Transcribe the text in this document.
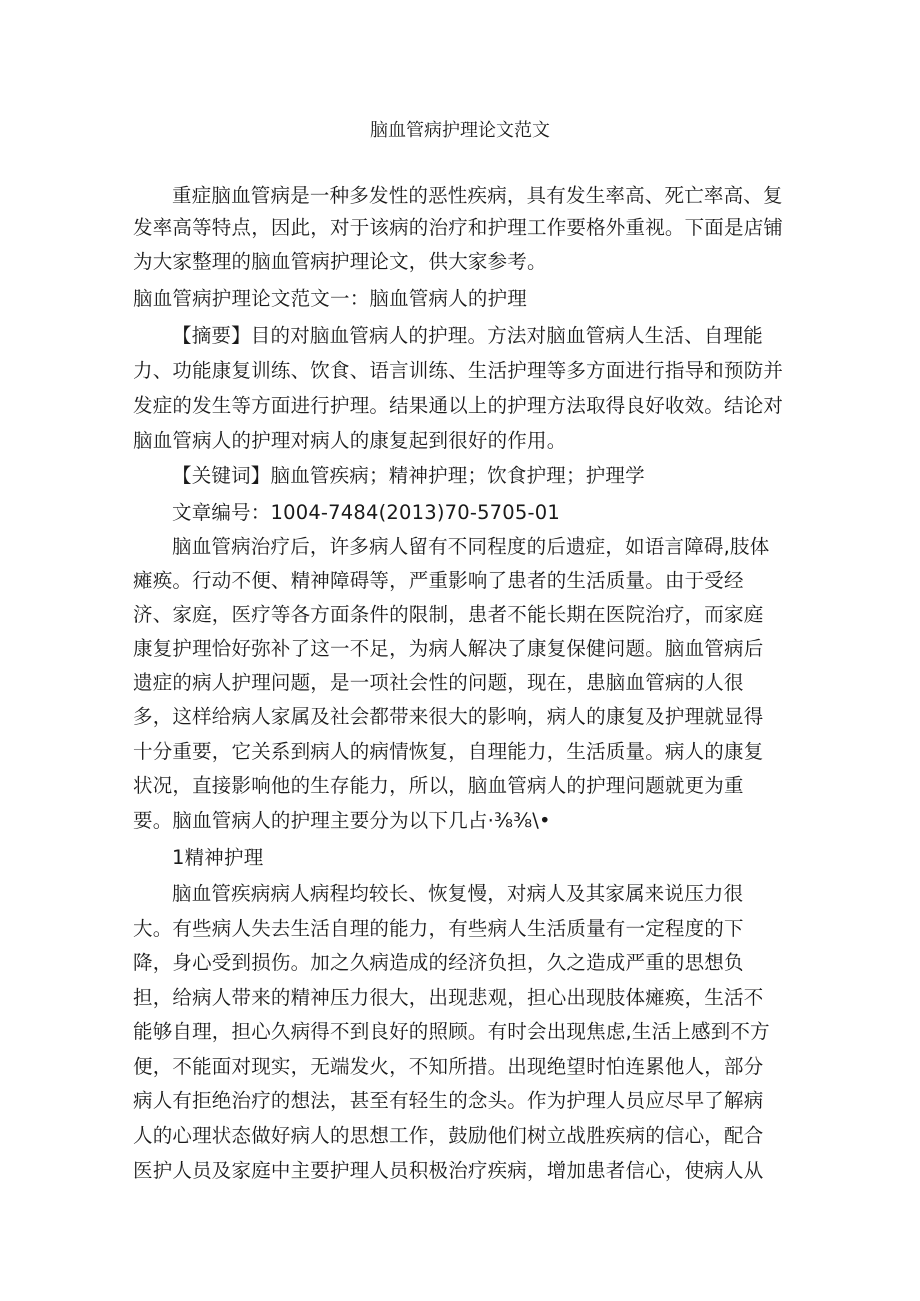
脑血管病护理论文范文
重症脑血管病是一种多发性的恶性疾病，具有发生率高、死亡率高、复
发率高等特点，因此，对于该病的治疗和护理工作要格外重视。下面是店铺
为大家整理的脑血管病护理论文，供大家参考。
脑血管病护理论文范文一：脑血管病人的护理
【摘要】目的对脑血管病人的护理。方法对脑血管病人生活、自理能
力、功能康复训练、饮食、语言训练、生活护理等多方面进行指导和预防并
发症的发生等方面进行护理。结果通以上的护理方法取得良好收效。结论对
脑血管病人的护理对病人的康复起到很好的作用。
【关键词】脑血管疾病；精神护理；饮食护理；护理学
文章编号：1004-7484(2013)70-5705-01
脑血管病治疗后，许多病人留有不同程度的后遗症，如语言障碍,肢体
瘫痪。行动不便、精神障碍等，严重影响了患者的生活质量。由于受经
济、家庭，医疗等各方面条件的限制，患者不能长期在医院治疗，而家庭
康复护理恰好弥补了这一不足，为病人解决了康复保健问题。脑血管病后
遗症的病人护理问题，是一项社会性的问题，现在，患脑血管病的人很
多，这样给病人家属及社会都带来很大的影响，病人的康复及护理就显得
十分重要，它关系到病人的病情恢复，自理能力，生活质量。病人的康复
状况，直接影响他的生存能力，所以，脑血管病人的护理问题就更为重
要。脑血管病人的护理主要分为以下几占·⅜⅜\•
1精神护理
脑血管疾病病人病程均较长、恢复慢，对病人及其家属来说压力很
大。有些病人失去生活自理的能力，有些病人生活质量有一定程度的下
降，身心受到损伤。加之久病造成的经济负担，久之造成严重的思想负
担，给病人带来的精神压力很大，出现悲观，担心出现肢体瘫痪，生活不
能够自理，担心久病得不到良好的照顾。有时会出现焦虑,生活上感到不方
便，不能面对现实，无端发火，不知所措。出现绝望时怕连累他人，部分
病人有拒绝治疗的想法，甚至有轻生的念头。作为护理人员应尽早了解病
人的心理状态做好病人的思想工作，鼓励他们树立战胜疾病的信心，配合
医护人员及家庭中主要护理人员积极治疗疾病，增加患者信心，使病人从
